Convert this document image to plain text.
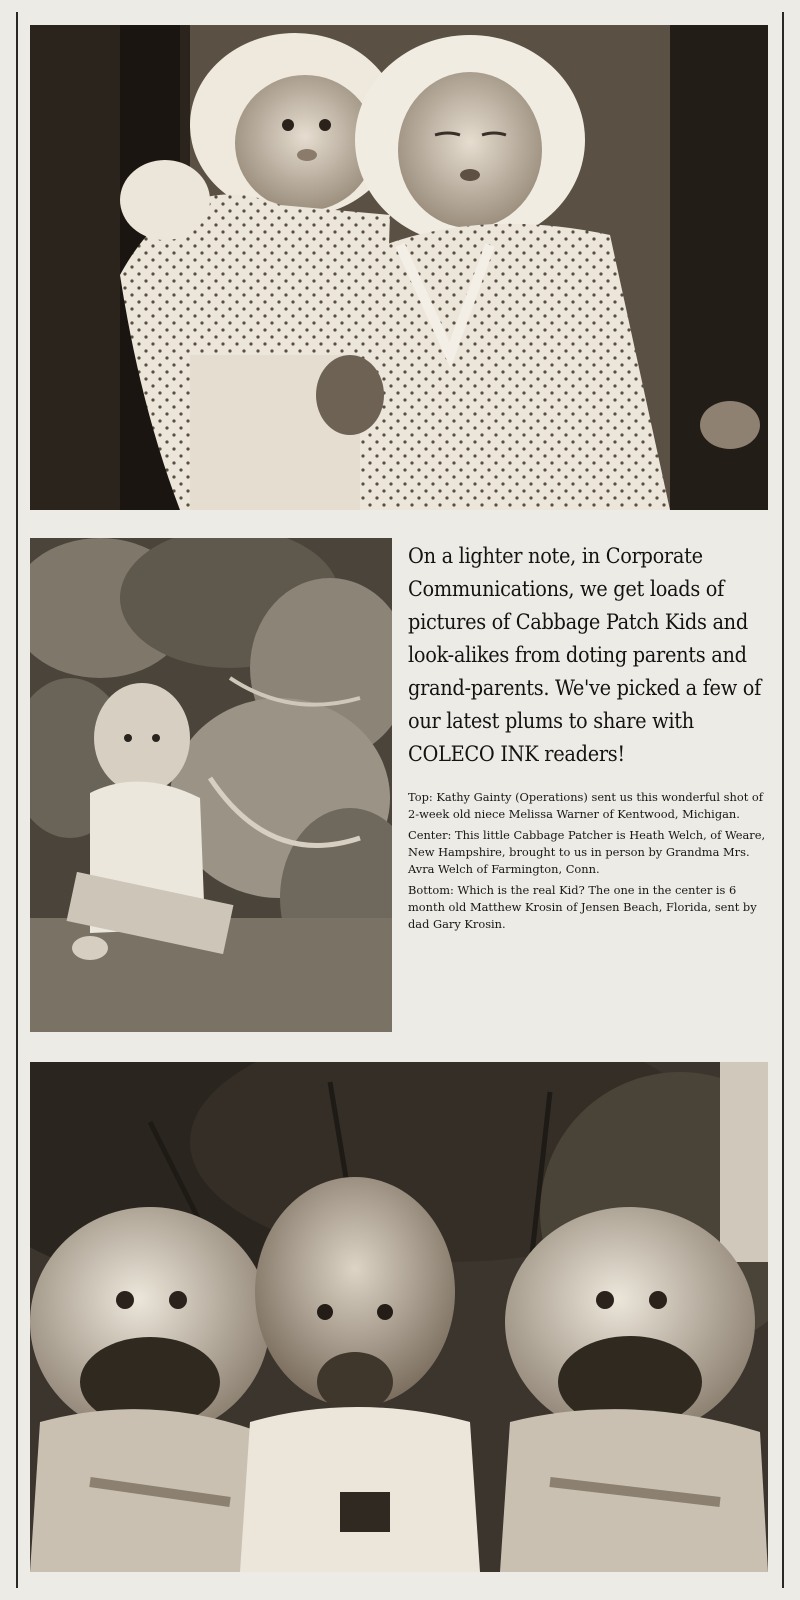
On a lighter note, in Corporate Communications, we get loads of pictures of Cabbage Patch Kids and look-alikes from doting parents and grand-parents. We've picked a few of our latest plums to share with COLECO INK readers!

Top: Kathy Gainty (Operations) sent us this wonderful shot of 2-week old niece Melissa Warner of Kentwood, Michigan.

Center: This little Cabbage Patcher is Heath Welch, of Weare, New Hampshire, brought to us in person by Grandma Mrs. Avra Welch of Farmington, Conn.

Bottom: Which is the real Kid? The one in the center is 6 month old Matthew Krosin of Jensen Beach, Florida, sent by dad Gary Krosin.
